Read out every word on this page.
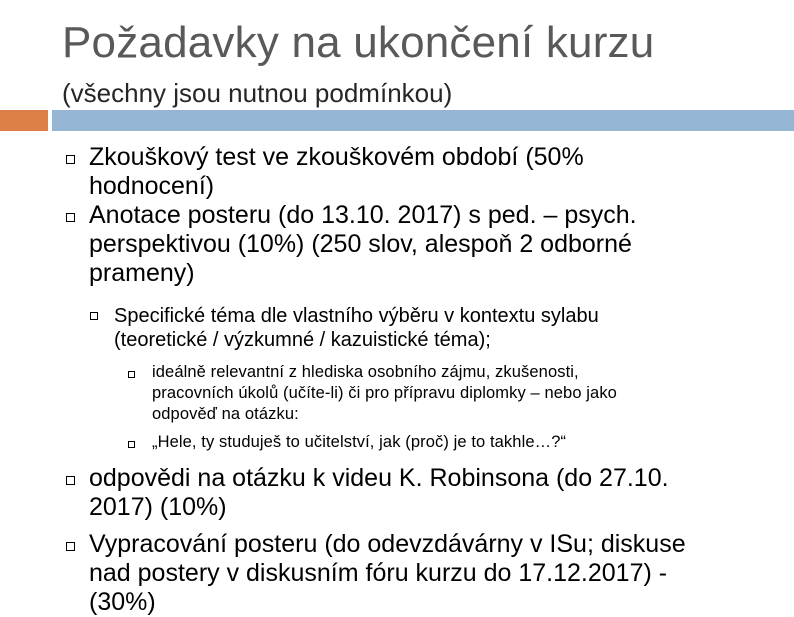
Požadavky na ukončení kurzu
(všechny jsou nutnou podmínkou)
Zkouškový test ve zkouškovém období (50%
hodnocení)
Anotace posteru (do 13.10. 2017) s ped. – psych.
perspektivou (10%) (250 slov, alespoň 2 odborné
prameny)
Specifické téma dle vlastního výběru v kontextu sylabu
(teoretické / výzkumné / kazuistické téma);
ideálně relevantní z hlediska osobního zájmu, zkušenosti,
pracovních úkolů (učíte-li) či pro přípravu diplomky – nebo jako
odpověď na otázku:
„Hele, ty studuješ to učitelství, jak (proč) je to takhle…?“
odpovědi na otázku k videu K. Robinsona (do 27.10.
2017) (10%)
Vypracování posteru (do odevzdávárny v ISu; diskuse
nad postery v diskusním fóru kurzu do 17.12.2017) -
(30%)
